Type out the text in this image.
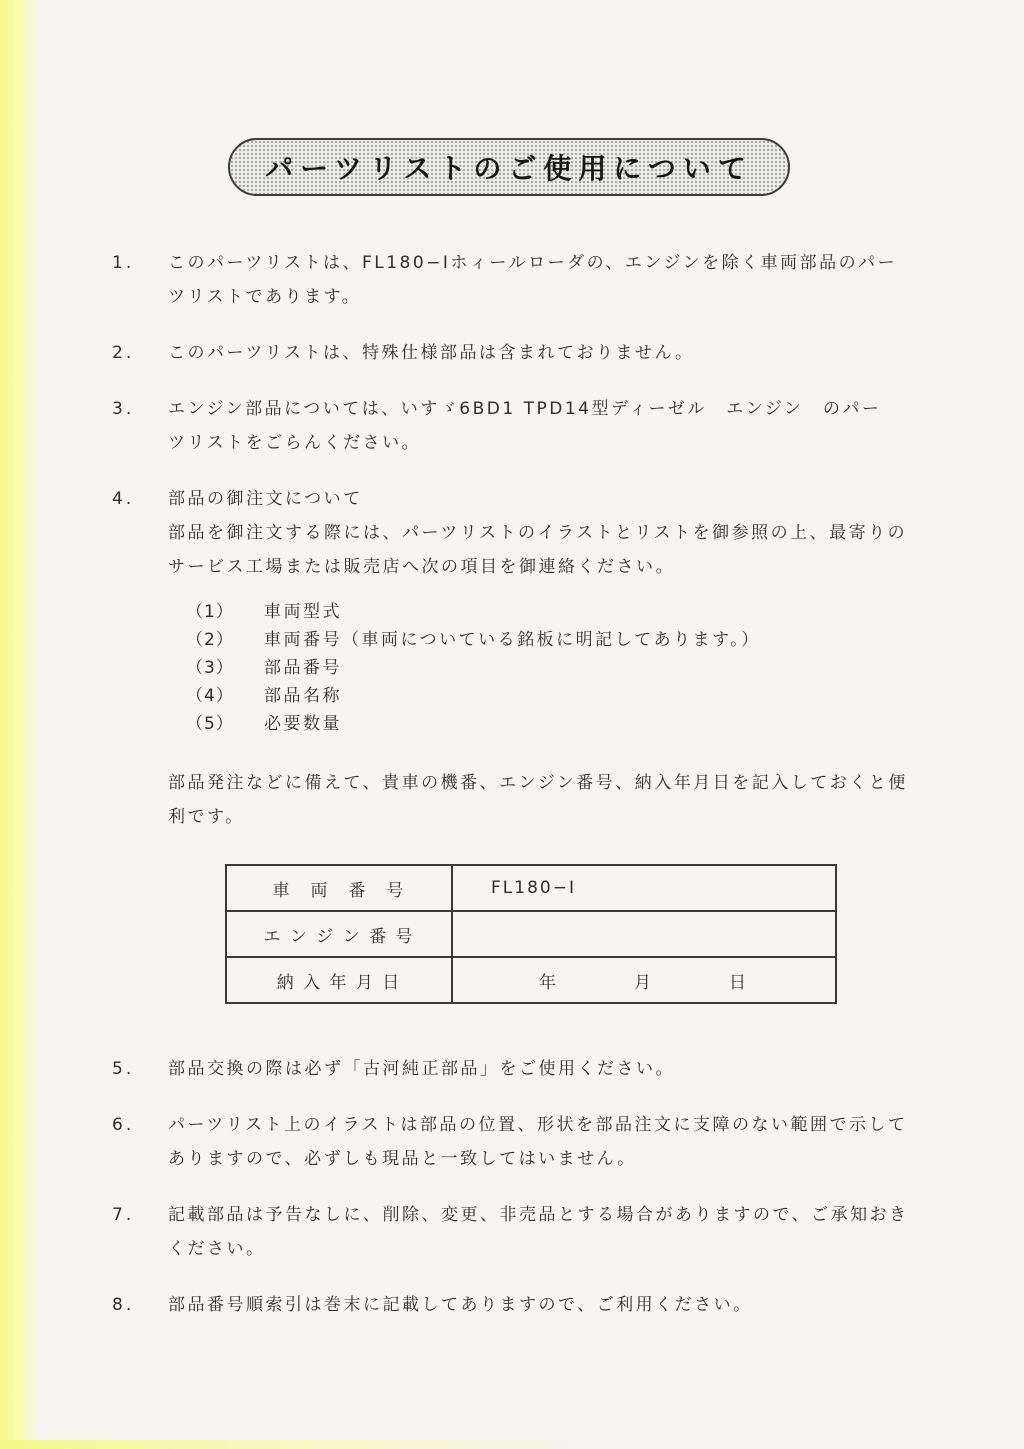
パーツリストのご使用について
1.	このパーツリストは、FL180−Iホィールローダの、エンジンを除く車両部品のパー
ツリストであります。
2.	このパーツリストは、特殊仕様部品は含まれておりません。
3.	エンジン部品については、いすゞ6BD1 TPD14型ディーゼル　エンジン　のパー
ツリストをごらんください。
4.	部品の御注文について
部品を御注文する際には、パーツリストのイラストとリストを御参照の上、最寄りの
サービス工場または販売店へ次の項目を御連絡ください。
（1）	車両型式
（2）	車両番号（車両についている銘板に明記してあります。）
（3）	部品番号
（4）	部品名称
（5）	必要数量
部品発注などに備えて、貴車の機番、エンジン番号、納入年月日を記入しておくと便
利です。
車　両　番　号	FL180−I
エ ン ジ ン 番 号	
納 入 年 月 日	年　　　　月　　　　日
5.	部品交換の際は必ず「古河純正部品」をご使用ください。
6.	パーツリスト上のイラストは部品の位置、形状を部品注文に支障のない範囲で示して
ありますので、必ずしも現品と一致してはいません。
7.	記載部品は予告なしに、削除、変更、非売品とする場合がありますので、ご承知おき
ください。
8.	部品番号順索引は巻末に記載してありますので、ご利用ください。
